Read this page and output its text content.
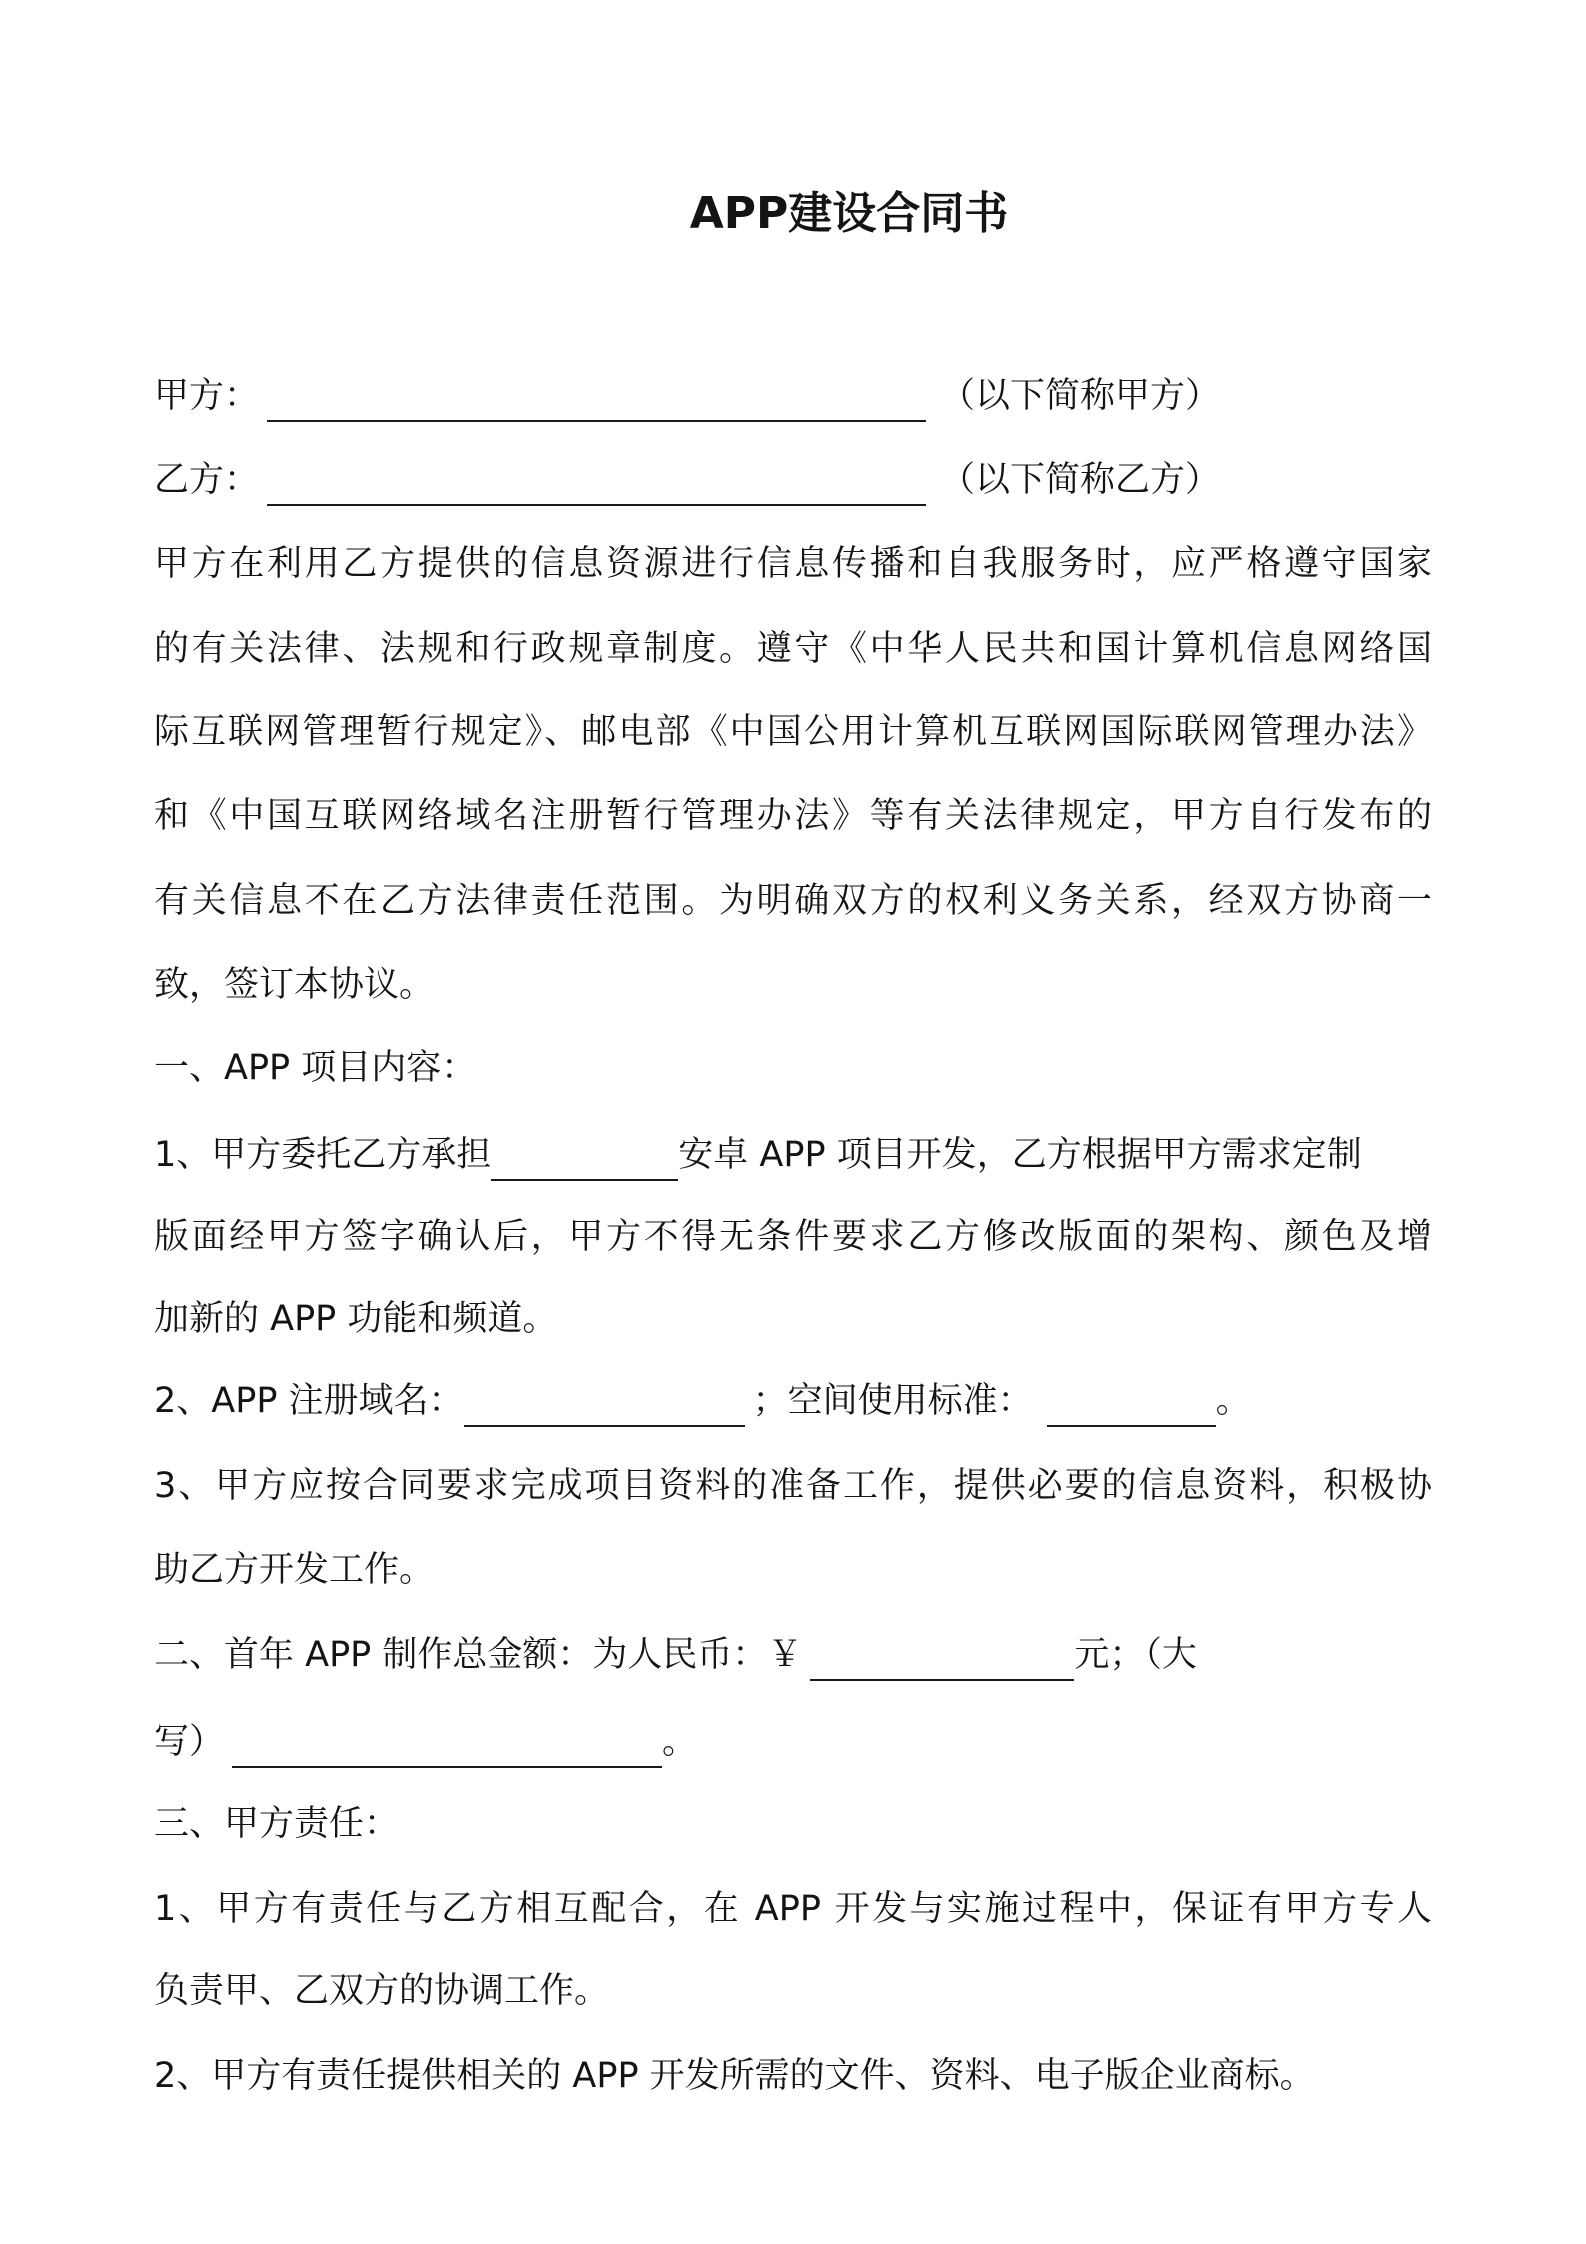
APP建设合同书
甲方：	（以下简称甲方）
乙方：	（以下简称乙方）
甲方在利用乙方提供的信息资源进行信息传播和自我服务时，应严格遵守国家
的有关法律、法规和行政规章制度。遵守《中华人民共和国计算机信息网络国
际互联网管理暂行规定》、邮电部《中国公用计算机互联网国际联网管理办法》
和《中国互联网络域名注册暂行管理办法》等有关法律规定，甲方自行发布的
有关信息不在乙方法律责任范围。为明确双方的权利义务关系，经双方协商一
致，签订本协议。
一、APP 项目内容：
1、甲方委托乙方承担	安卓 APP 项目开发，乙方根据甲方需求定制
版面经甲方签字确认后，甲方不得无条件要求乙方修改版面的架构、颜色及增
加新的 APP 功能和频道。
2、APP 注册域名：	；空间使用标准：	。
3、甲方应按合同要求完成项目资料的准备工作，提供必要的信息资料，积极协
助乙方开发工作。
二、首年 APP 制作总金额：为人民币：￥	元；（大
写）	。
三、甲方责任：
1、甲方有责任与乙方相互配合，在 APP 开发与实施过程中，保证有甲方专人
负责甲、乙双方的协调工作。
2、甲方有责任提供相关的 APP 开发所需的文件、资料、电子版企业商标。
